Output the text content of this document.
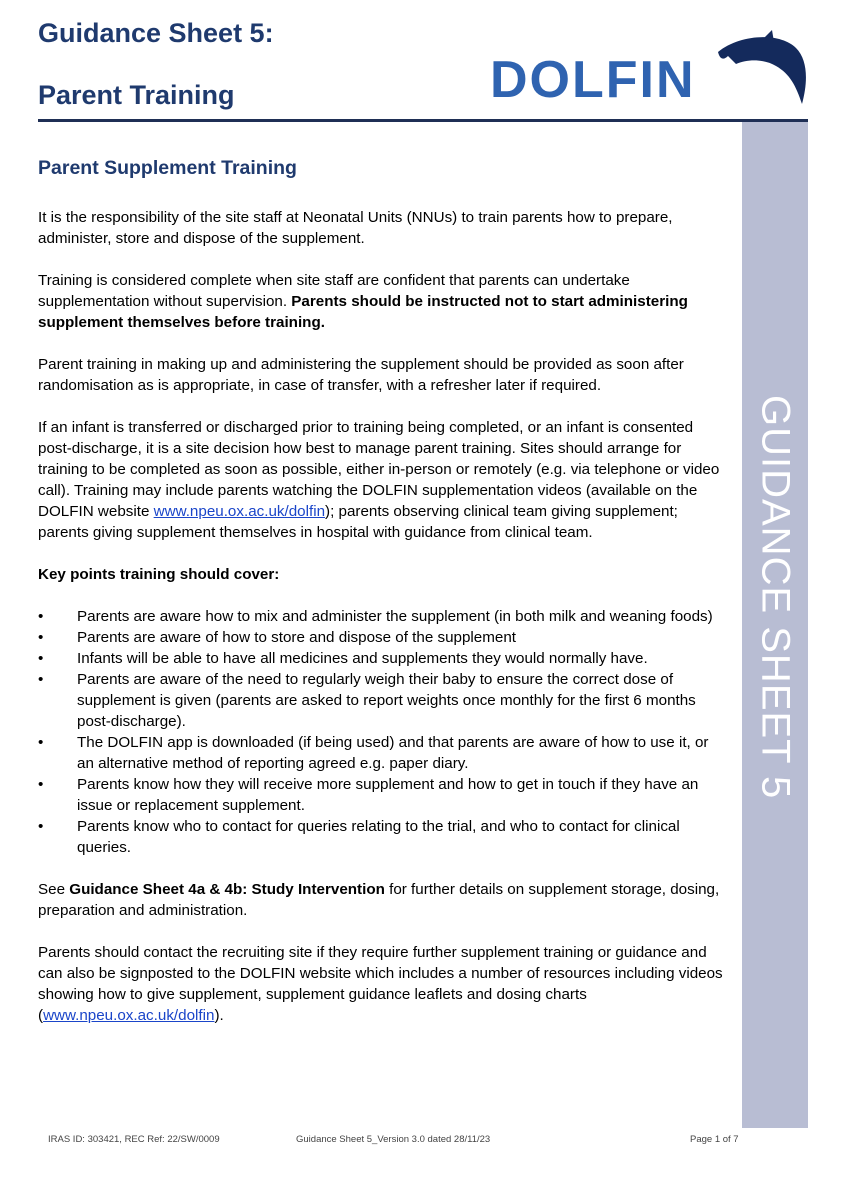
Guidance Sheet 5:
Parent Training	DOLFIN
GUIDANCE SHEET 5
Parent Supplement Training

It is the responsibility of the site staff at Neonatal Units (NNUs) to train parents how to prepare, administer, store and dispose of the supplement.

Training is considered complete when site staff are confident that parents can undertake supplementation without supervision. Parents should be instructed not to start administering supplement themselves before training.

Parent training in making up and administering the supplement should be provided as soon after randomisation as is appropriate, in case of transfer, with a refresher later if required.

If an infant is transferred or discharged prior to training being completed, or an infant is consented post-discharge, it is a site decision how best to manage parent training. Sites should arrange for training to be completed as soon as possible, either in-person or remotely (e.g. via telephone or video call). Training may include parents watching the DOLFIN supplementation videos (available on the DOLFIN website www.npeu.ox.ac.uk/dolfin); parents observing clinical team giving supplement; parents giving supplement themselves in hospital with guidance from clinical team.

Key points training should cover:

• Parents are aware how to mix and administer the supplement (in both milk and weaning foods)
• Parents are aware of how to store and dispose of the supplement
• Infants will be able to have all medicines and supplements they would normally have.
• Parents are aware of the need to regularly weigh their baby to ensure the correct dose of supplement is given (parents are asked to report weights once monthly for the first 6 months post-discharge).
• The DOLFIN app is downloaded (if being used) and that parents are aware of how to use it, or an alternative method of reporting agreed e.g. paper diary.
• Parents know how they will receive more supplement and how to get in touch if they have an issue or replacement supplement.
• Parents know who to contact for queries relating to the trial, and who to contact for clinical queries.

See Guidance Sheet 4a & 4b: Study Intervention for further details on supplement storage, dosing, preparation and administration.

Parents should contact the recruiting site if they require further supplement training or guidance and can also be signposted to the DOLFIN website which includes a number of resources including videos showing how to give supplement, supplement guidance leaflets and dosing charts (www.npeu.ox.ac.uk/dolfin).

IRAS ID: 303421, REC Ref: 22/SW/0009	Guidance Sheet 5_Version 3.0 dated 28/11/23	Page 1 of 7
